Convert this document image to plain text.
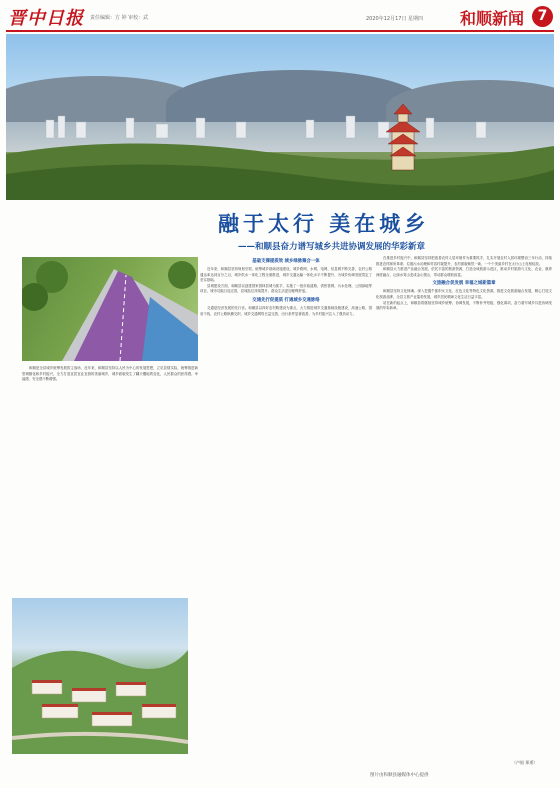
晋中日报 责任编辑：方 婷 审校：武	2020年12月17日 星期四 和顺新闻 7
融于太行 美在城乡
——和顺县奋力谱写城乡共进协调发展的华彩新章

和顺是全县城乡统筹发展的主战场，近年来，和顺县坚持以人民为中心的发展思想，立足县情实际，统筹推进新型城镇化和乡村振兴，全力打造宜居宜业宜游的美丽城乡，城乡面貌发生了翻天覆地的变化，人民群众的获得感、幸福感、安全感不断增强。

基础支撑提质效 城乡绿脉聚合一体

近年来，和顺县坚持规划引领，统筹城乡基础设施建设，城乡路网、水网、电网、信息网不断完善，农村公路通达率达到百分之百，城乡供水一体化工程全面推进，城乡交通运输一体化水平不断提升，为城乡协调发展奠定了坚实基础。

县城建设方面，和顺县以创建国家园林县城为抓手，实施了一批市政道路、供热管网、污水处理、公园绿地等项目，城市功能日趋完善，县城品位持续提升，群众生活更加便利舒适。

交通先行促提质 打通城乡交通脉络

交通是经济发展的先行官。和顺县以四好农村路建设为重点，大力推进城乡交通基础设施建设，高速公路、国省干线、农村公路纵横交织，城乡交通网络日益完善，出行条件显著改善，为乡村振兴注入了强劲动力。

在推进乡村振兴中，和顺县坚持把改善农村人居环境作为重要抓手，扎实开展农村人居环境整治三年行动，持续推进农村厕所革命、垃圾污水治理和村容村貌提升，农村面貌焕然一新，一个个美丽乡村在太行山上竞相绽放。

和顺县大力推进产业融合发展，依托丰富的旅游资源，打造全域旅游示范区，推动乡村旅游与文化、农业、康养深度融合，让绿水青山变成金山银山，带动群众增收致富。

文旅融合促发展 幸福之城新篇章

和顺县坚持文化铸魂，深入挖掘牛郎织女文化、红色文化等特色文化资源，推进文化旅游融合发展，精心打造文化旅游品牌，全县文旅产业蓬勃发展，城乡居民精神文化生活日益丰富。

站在新的起点上，和顺县将继续坚持城乡统筹、协调发展，不断补齐短板、强化弱项，奋力谱写城乡共进协调发展的华彩新章。

（卢银 郑勇）
图片由和顺县融媒体中心提供
